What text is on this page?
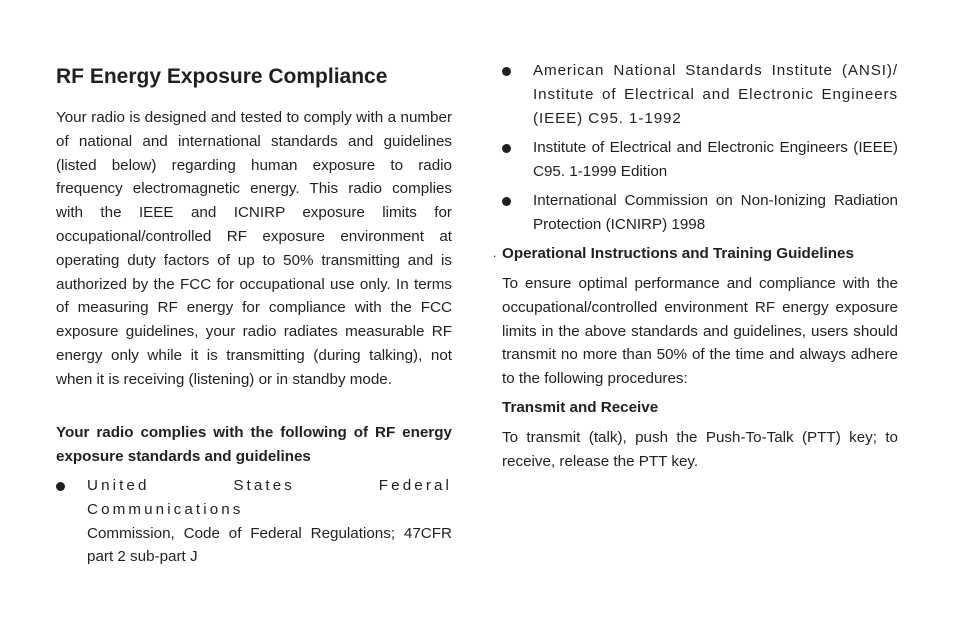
RF Energy Exposure Compliance

Your radio is designed and tested to comply with a number of national and international standards and guidelines (listed below) regarding human exposure to radio frequency electromagnetic energy. This radio complies with the IEEE and ICNIRP exposure limits for occupational/controlled RF exposure environment at operating duty factors of up to 50% transmitting and is authorized by the FCC for occupational use only. In terms of measuring RF energy for compliance with the FCC exposure guidelines, your radio radiates measurable RF energy only while it is transmitting (during talking), not when it is receiving (listening) or in standby mode.

Your radio complies with the following of RF energy exposure standards and guidelines

United States Federal Communications
Commission, Code of Federal Regulations; 47CFR part 2 sub-part J

American National Standards Institute (ANSI)/ Institute of Electrical and Electronic Engineers (IEEE) C95. 1-1992

Institute of Electrical and Electronic Engineers (IEEE) C95. 1-1999 Edition

International Commission on Non-Ionizing Radiation Protection (ICNIRP) 1998

. Operational Instructions and Training Guidelines

To ensure optimal performance and compliance with the occupational/controlled environment RF energy exposure limits in the above standards and guidelines, users should transmit no more than 50% of the time and always adhere to the following procedures:

Transmit and Receive

To transmit (talk), push the Push-To-Talk (PTT) key; to receive, release the PTT key.
